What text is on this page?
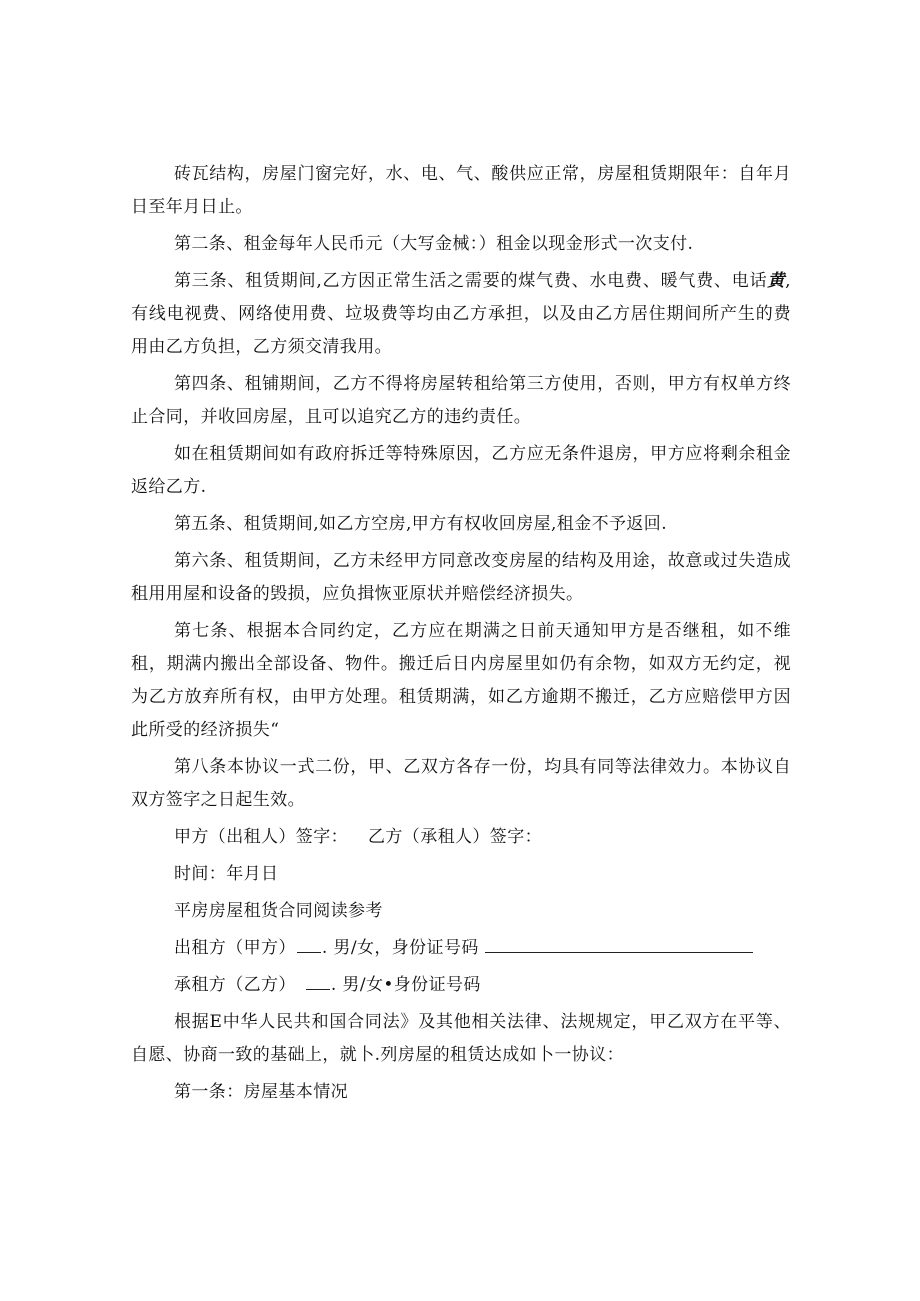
砖瓦结构，房屋门窗完好，水、电、气、酸供应正常，房屋租赁期限年：自年月日至年月日止。

第二条、租金每年人民币元（大写金械：）租金以现金形式一次支付.

第三条、租赁期间,乙方因正常生活之需要的煤气费、水电费、暖气费、电话黄,有线电视费、网络使用费、垃圾费等均由乙方承担，以及由乙方居住期间所产生的费用由乙方负担，乙方须交清我用。

第四条、租铺期间，乙方不得将房屋转租给第三方使用，否则，甲方有权单方终止合同，并收回房屋，且可以追究乙方的违约责任。

如在租赁期间如有政府拆迁等特殊原因，乙方应无条件退房，甲方应将剩余租金返给乙方.

第五条、租赁期间,如乙方空房,甲方有权收回房屋,租金不予返回.

第六条、租赁期间，乙方未经甲方同意改变房屋的结构及用途，故意或过失造成租用用屋和设备的毁损，应负揖恢亚原状并赔偿经济损失。

第七条、根据本合同约定，乙方应在期满之日前天通知甲方是否继租，如不维租，期满内搬出全部设备、物件。搬迁后日内房屋里如仍有余物，如双方无约定，视为乙方放弃所有权，由甲方处理。租赁期满，如乙方逾期不搬迁，乙方应赔偿甲方因此所受的经济损失“

第八条本协议一式二份，甲、乙双方各存一份，均具有同等法律效力。本协议自双方签字之日起生效。

甲方（出租人）签字：	乙方（承租人）签字：

时间：年月日

平房房屋租货合同阅读参考

出租方（甲方） . 男/女，身份证号码

承租方（乙方） . 男/女•身份证号码

根据E中华人民共和国合同法》及其他相关法律、法规规定，甲乙双方在平等、自愿、协商一致的基础上，就卜.列房屋的租赁达成如卜一协议：

第一条：房屋基本情况
